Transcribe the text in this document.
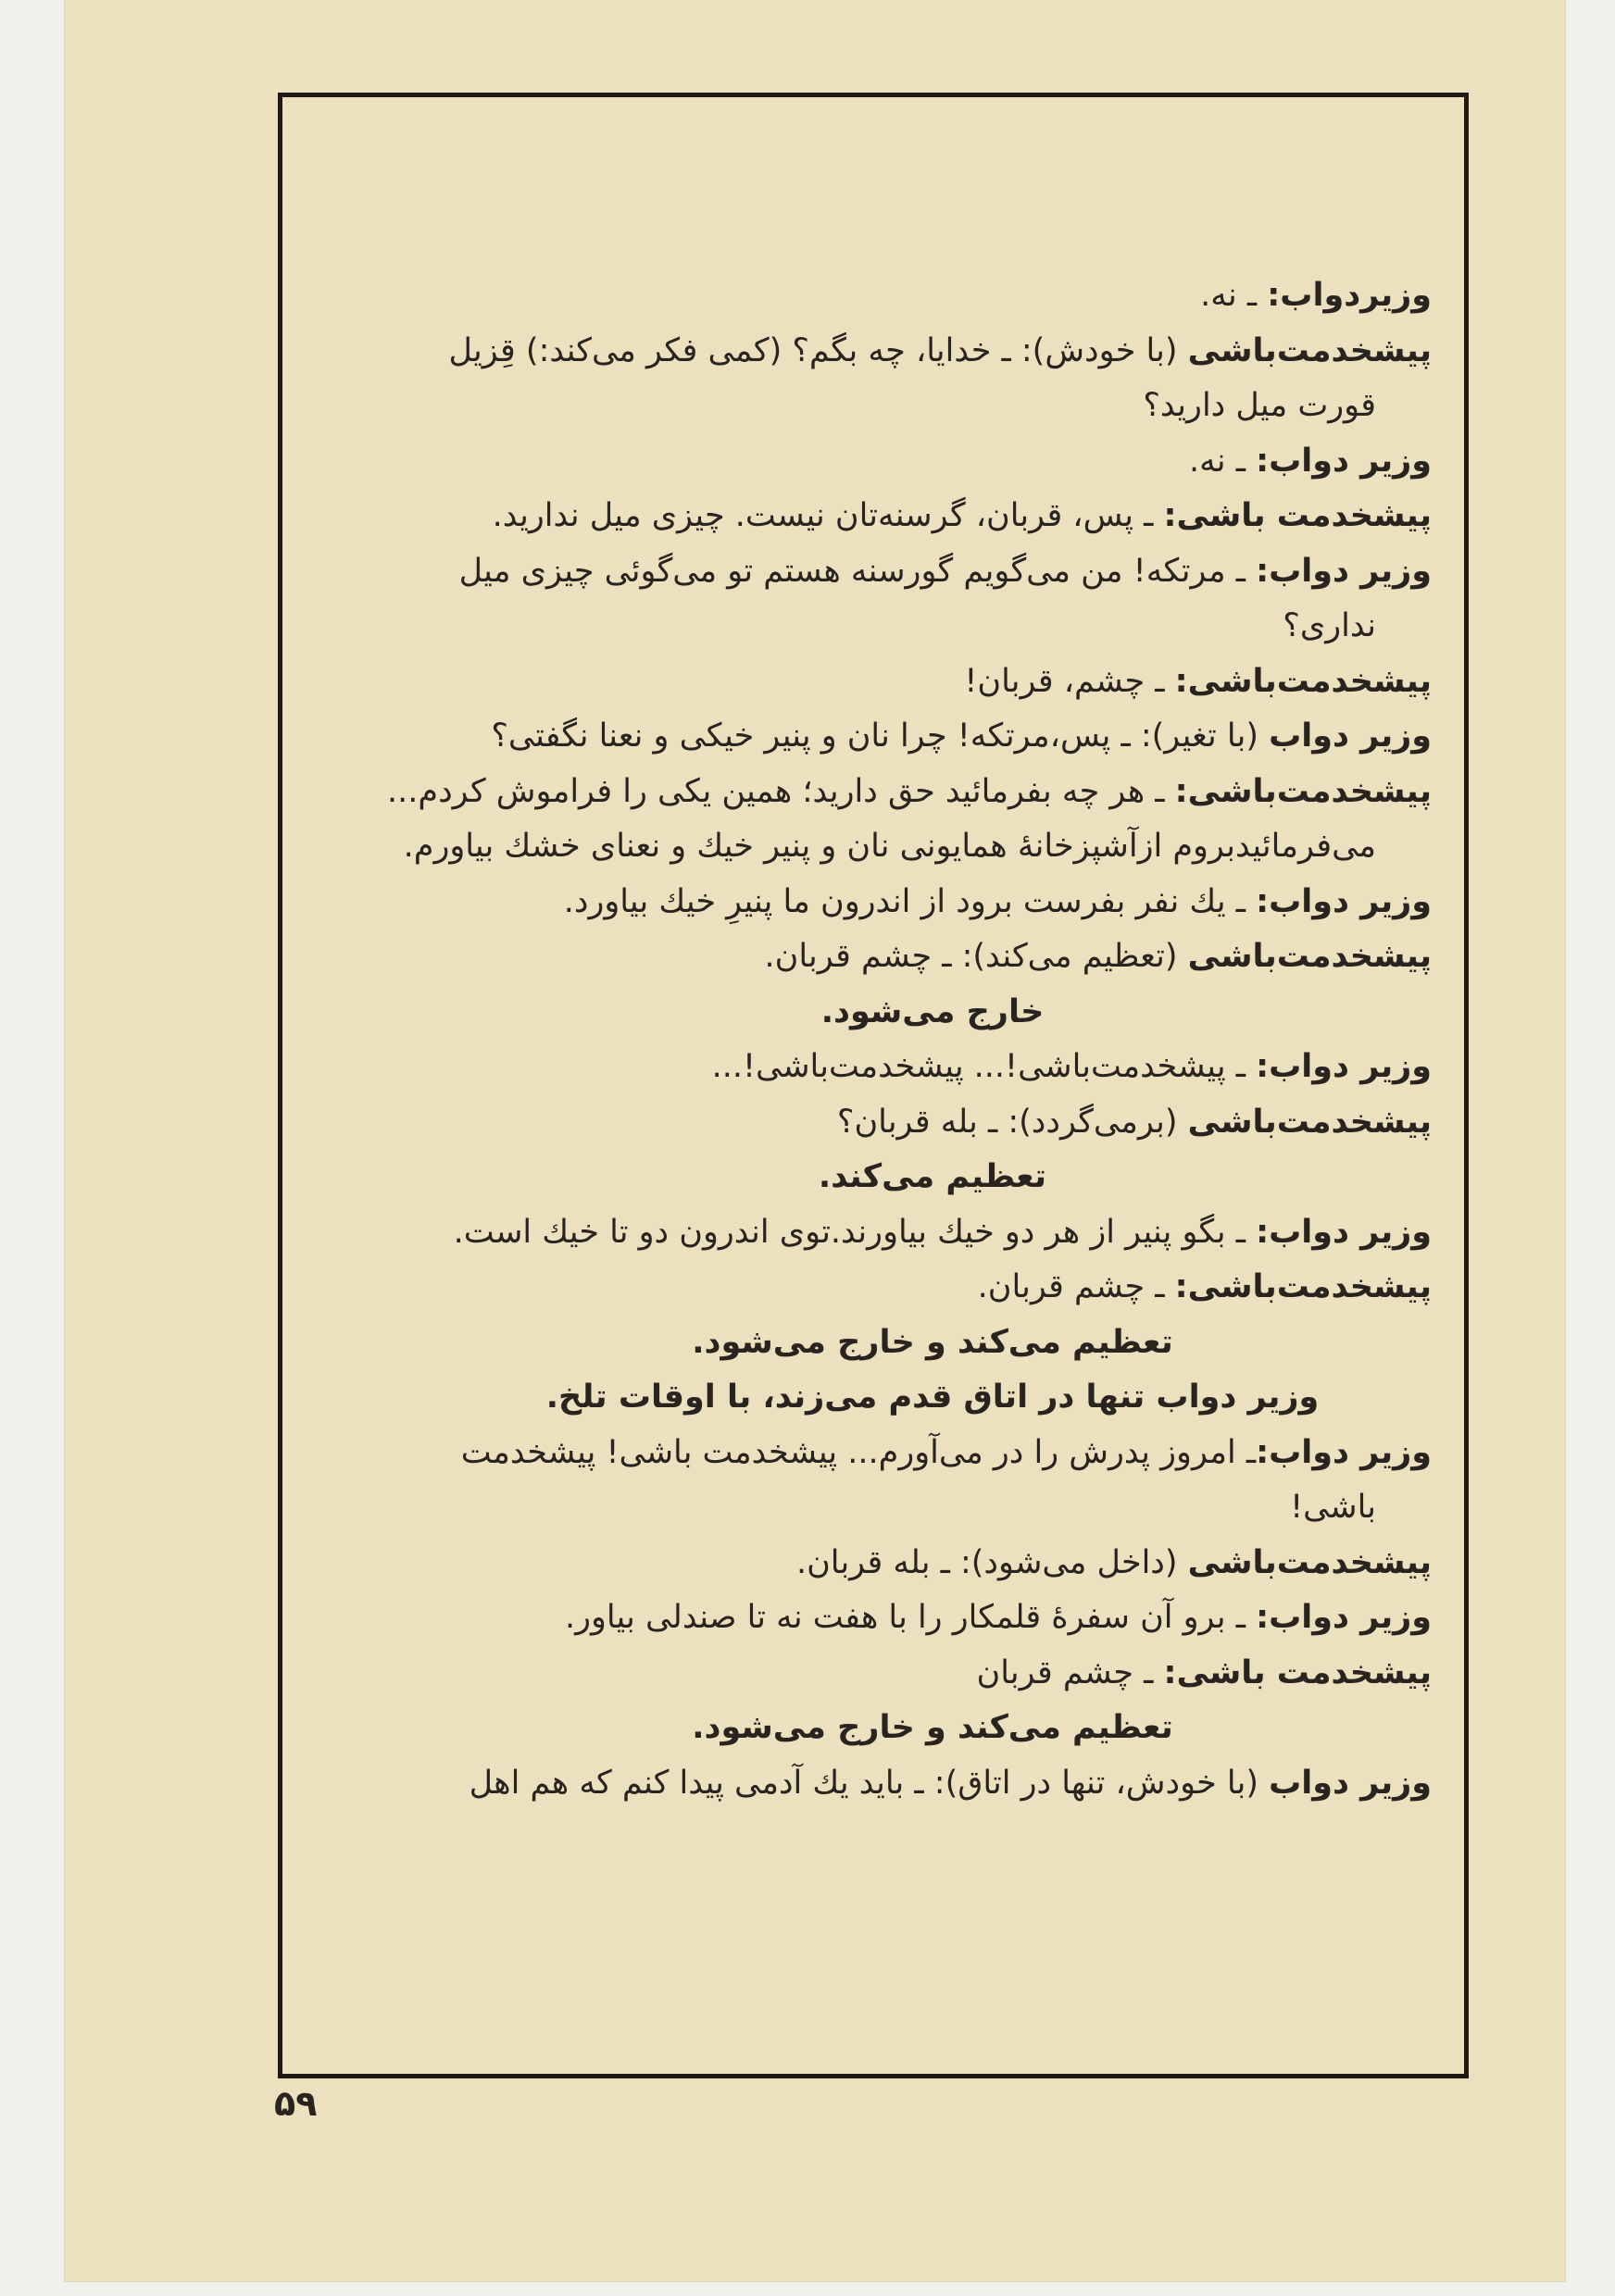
وزیردواب: ـ نه.
پیشخدمت‌باشی (با خودش): ـ خدایا، چه بگم؟ (کمی فکر می‌کند:) قِزیل
قورت میل دارید؟
وزیر دواب: ـ نه.
پیشخدمت باشی: ـ پس، قربان، گرسنه‌تان نیست. چیزی میل ندارید.
وزیر دواب: ـ مرتکه! من می‌گویم گورسنه هستم تو می‌گوئی چیزی میل
نداری؟
پیشخدمت‌باشی: ـ چشم، قربان!
وزیر دواب (با تغیر): ـ پس،مرتکه! چرا نان و پنیر خیکی و نعنا نگفتی؟
پیشخدمت‌باشی: ـ هر چه بفرمائید حق دارید؛ همین یکی را فراموش کردم...
می‌فرمائیدبروم ازآشپزخانهٔ همایونی نان و پنیر خیك و نعنای خشك بیاورم.
وزیر دواب: ـ یك نفر بفرست برود از اندرون ما پنیرِ خیك بیاورد.
پیشخدمت‌باشی (تعظیم می‌کند): ـ چشم قربان.
خارج می‌شود.
وزیر دواب: ـ پیشخدمت‌باشی!... پیشخدمت‌باشی!...
پیشخدمت‌باشی (برمی‌گردد): ـ بله قربان؟
تعظیم می‌کند.
وزیر دواب: ـ بگو پنیر از هر دو خیك بیاورند.توی اندرون دو تا خیك است.
پیشخدمت‌باشی: ـ چشم قربان.
تعظیم می‌کند و خارج می‌شود.
وزیر دواب تنها در اتاق قدم می‌زند، با اوقات تلخ.
وزیر دواب:ـ امروز پدرش را در می‌آورم... پیشخدمت باشی! پیشخدمت
باشی!
پیشخدمت‌باشی (داخل می‌شود): ـ بله قربان.
وزیر دواب: ـ برو آن سفرهٔ قلمکار را با هفت نه تا صندلی بیاور.
پیشخدمت باشی: ـ چشم قربان
تعظیم می‌کند و خارج می‌شود.
وزیر دواب (با خودش، تنها در اتاق): ـ باید یك آدمی پیدا کنم که هم اهل
۵۹
